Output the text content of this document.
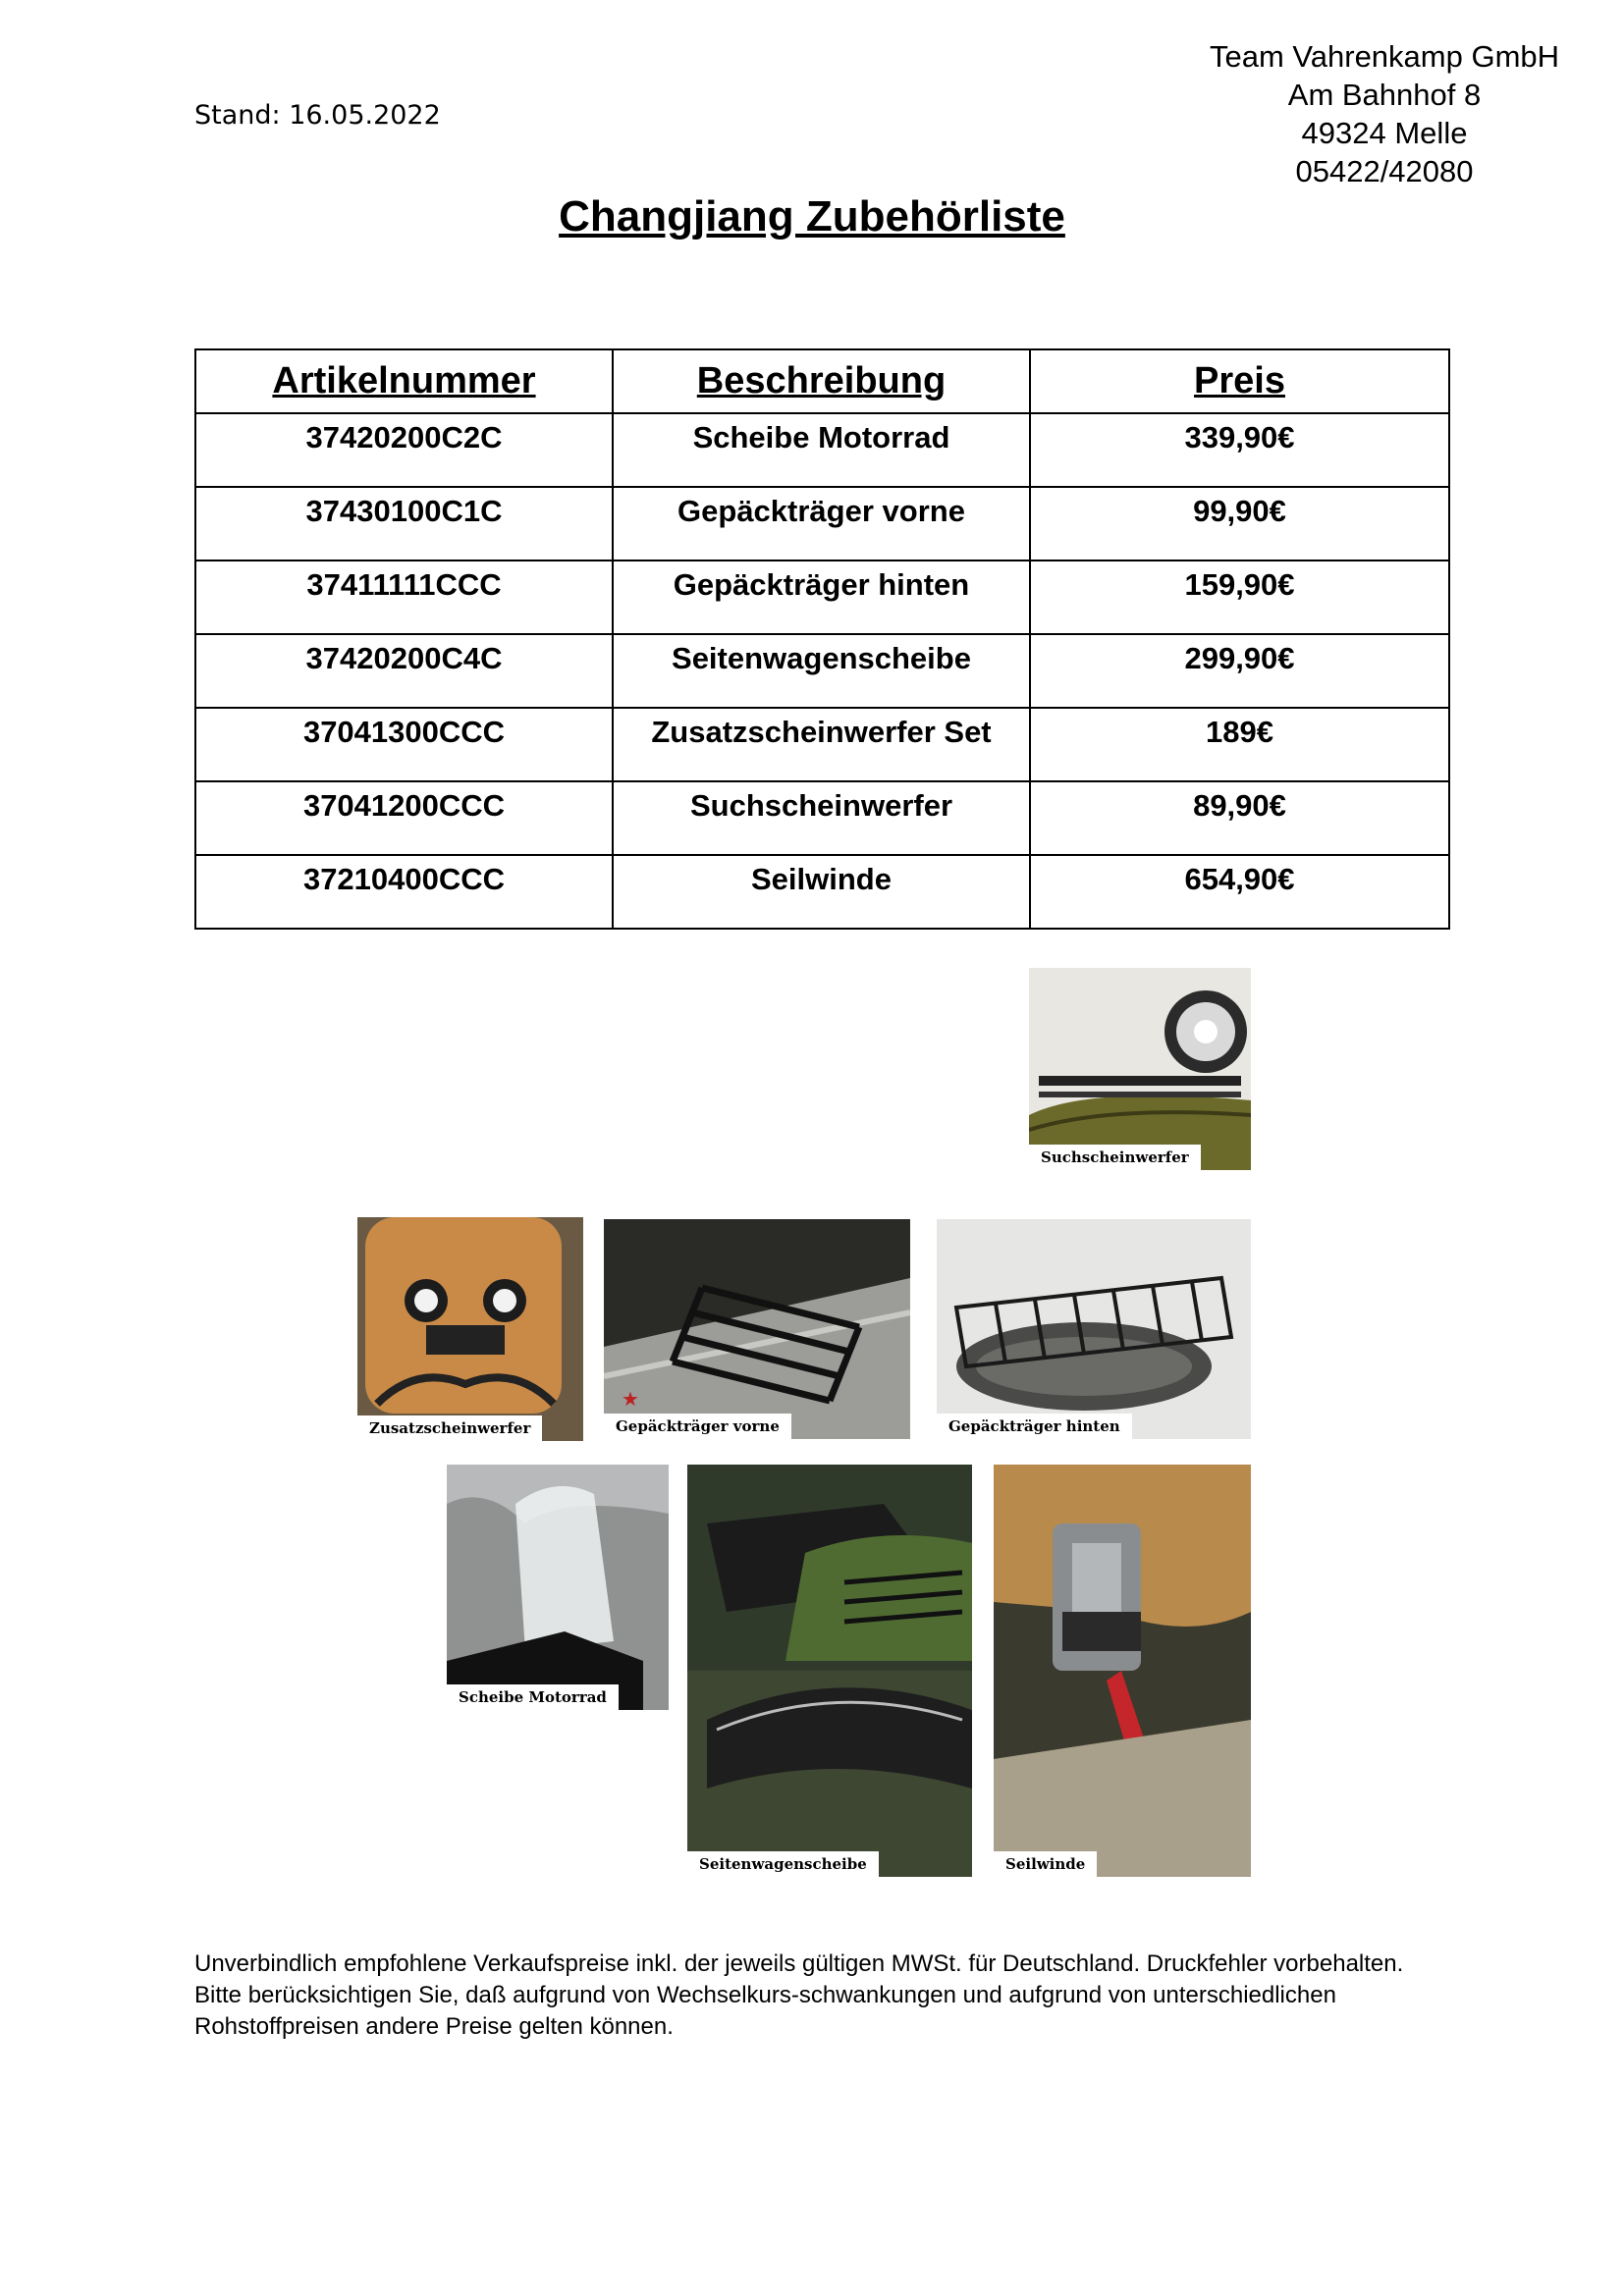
Stand: 16.05.2022
Team Vahrenkamp GmbH
Am Bahnhof 8
49324 Melle
05422/42080
Changjiang Zubehörliste
Artikelnummer	Beschreibung	Preis
37420200C2C	Scheibe Motorrad	339,90€
37430100C1C	Gepäckträger vorne	99,90€
37411111CCC	Gepäckträger hinten	159,90€
37420200C4C	Seitenwagenscheibe	299,90€
37041300CCC	Zusatzscheinwerfer Set	189€
37041200CCC	Suchscheinwerfer	89,90€
37210400CCC	Seilwinde	654,90€
Suchscheinwerfer
Zusatzscheinwerfer
★
Gepäckträger vorne	Gepäckträger hinten
Scheibe Motorrad
Seitenwagenscheibe	Seilwinde
Unverbindlich empfohlene Verkaufspreise inkl. der jeweils gültigen MWSt. für Deutschland. Druckfehler vorbehalten. Bitte berücksichtigen Sie, daß aufgrund von Wechselkurs-schwankungen und aufgrund von unterschiedlichen Rohstoffpreisen andere Preise gelten können.
